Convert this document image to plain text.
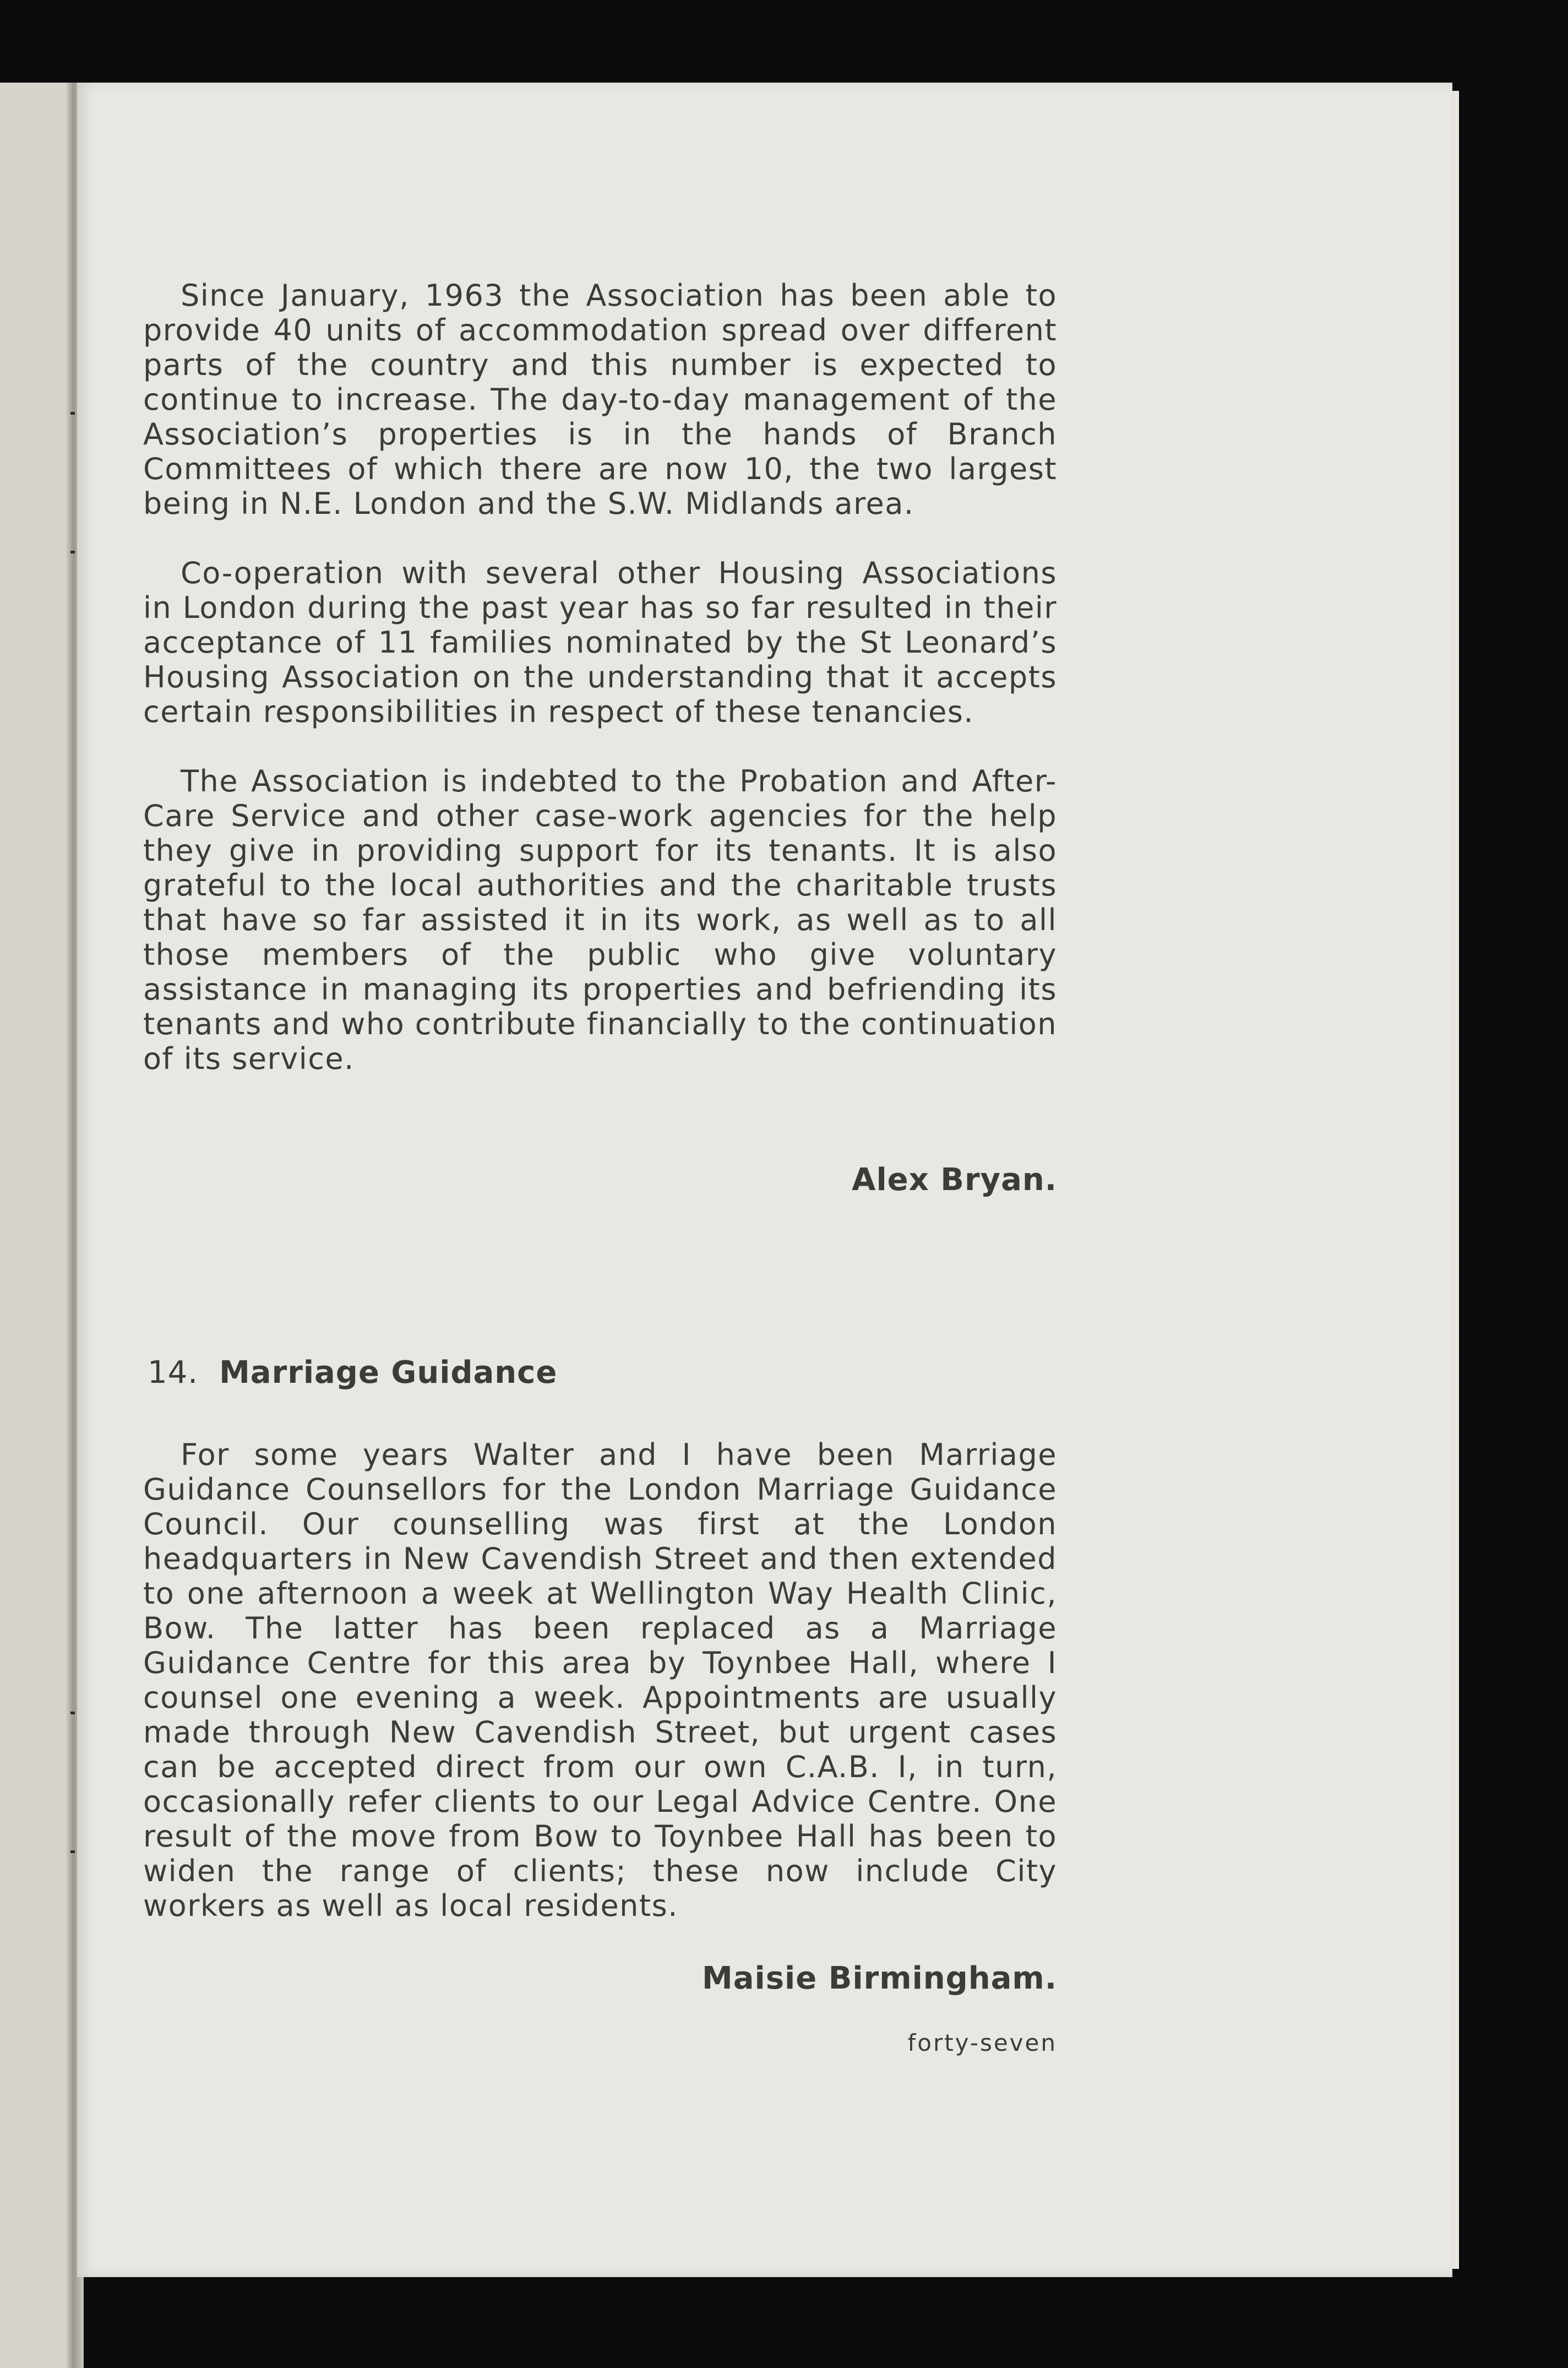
Since January, 1963 the Association has been able to provide 40 units of accommodation spread over different parts of the country and this number is expected to continue to increase. The day-to-day management of the Association’s properties is in the hands of Branch Committees of which there are now 10, the two largest being in N.E. London and the S.W. Midlands area.

Co-operation with several other Housing Associations in London during the past year has so far resulted in their acceptance of 11 families nominated by the St Leonard’s Housing Association on the understanding that it accepts certain responsibilities in respect of these tenancies.

The Association is indebted to the Probation and After-Care Service and other case-work agencies for the help they give in providing support for its tenants. It is also grateful to the local authorities and the charitable trusts that have so far assisted it in its work, as well as to all those members of the public who give voluntary assistance in managing its properties and befriending its tenants and who contribute financially to the continuation of its service.

Alex Bryan.
14. Marriage Guidance

For some years Walter and I have been Marriage Guidance Counsellors for the London Marriage Guidance Council. Our counselling was first at the London headquarters in New Cavendish Street and then extended to one afternoon a week at Wellington Way Health Clinic, Bow. The latter has been replaced as a Marriage Guidance Centre for this area by Toynbee Hall, where I counsel one evening a week. Appointments are usually made through New Cavendish Street, but urgent cases can be accepted direct from our own C.A.B. I, in turn, occasionally refer clients to our Legal Advice Centre. One result of the move from Bow to Toynbee Hall has been to widen the range of clients; these now include City workers as well as local residents.

Maisie Birmingham.
forty-seven
